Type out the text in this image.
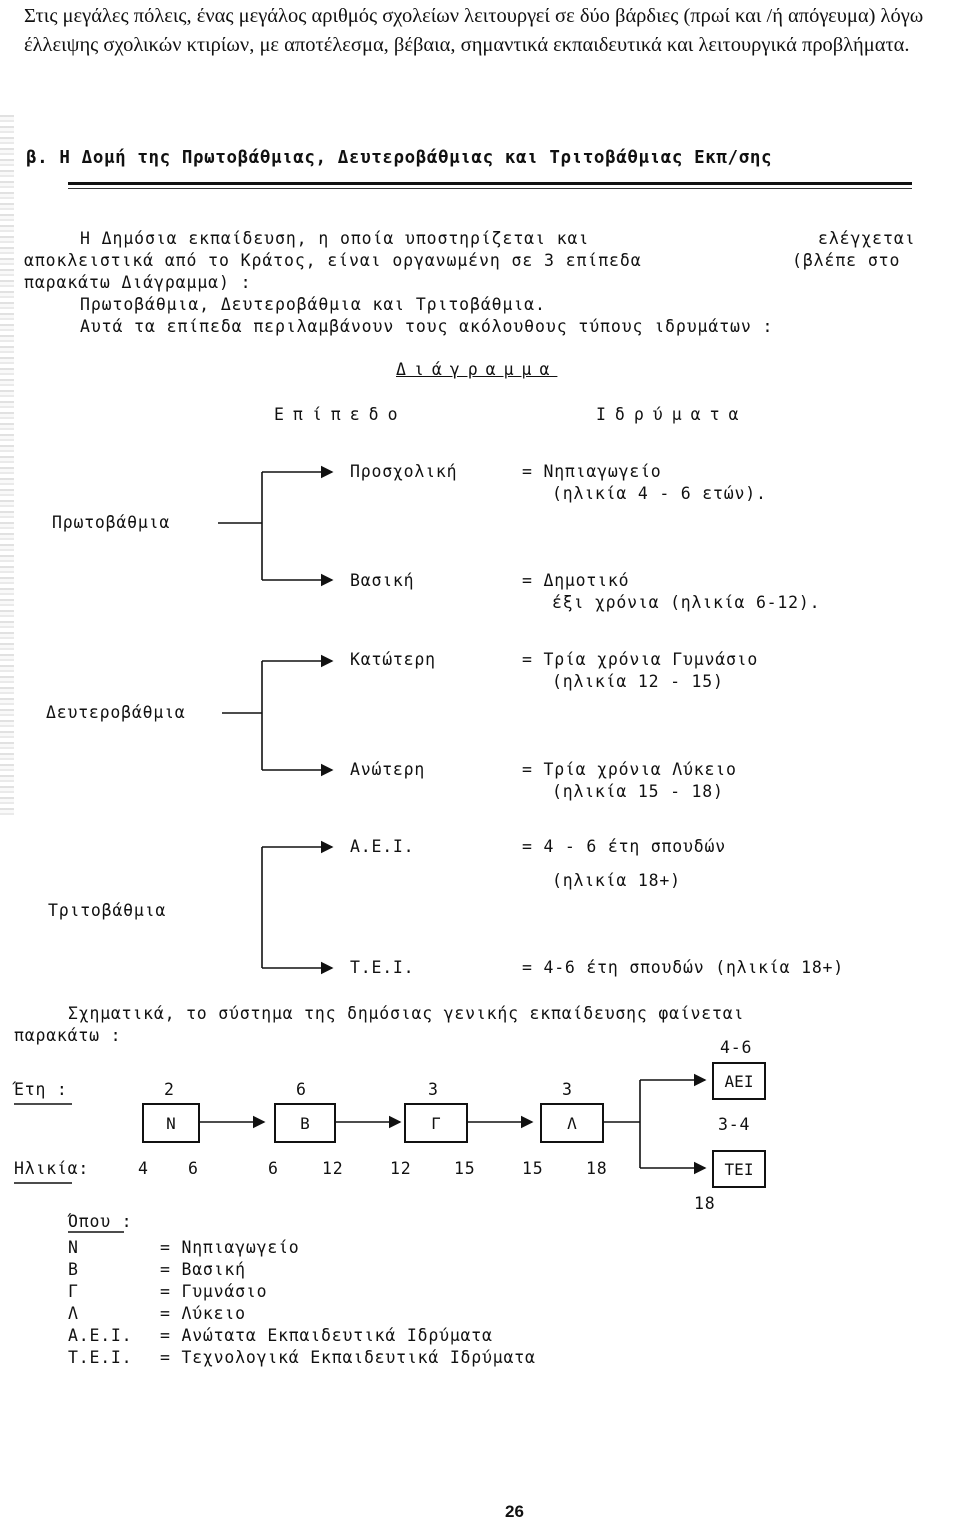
Στις μεγάλες πόλεις, ένας μεγάλος αριθμός σχολείων λειτουργεί σε δύο βάρδιες (πρωί και /ή απόγευμα) λόγω έλλειψης σχολικών κτιρίων, με αποτέλεσμα, βέβαια, σημαντικά εκπαιδευτικά και λειτουργικά προβλήματα.
β. Η Δομή της Πρωτοβάθμιας, Δευτεροβάθμιας και Τριτοβάθμιας Εκπ/σης
Η Δημόσια εκπαίδευση, η οποία υποστηρίζεται και	ελέγχεται
αποκλειστικά από το Κράτος, είναι οργανωμένη σε 3 επίπεδα	(βλέπε στο
παρακάτω Διάγραμμα) :
Πρωτοβάθμια, Δευτεροβάθμια και Τριτοβάθμια.
Αυτά τα επίπεδα περιλαμβάνουν τους ακόλουθους τύπους ιδρυμάτων :
Διάγραμμα
Επίπεδο	Ιδρύματα
Πρωτοβάθμια
Προσχολική	= Νηπιαγωγείο
(ηλικία 4 - 6 ετών).
Βασική	= Δημοτικό
έξι χρόνια (ηλικία 6-12).
Δευτεροβάθμια
Κατώτερη	= Τρία χρόνια Γυμνάσιο
(ηλικία 12 - 15)
Ανώτερη	= Τρία χρόνια Λύκειο
(ηλικία 15 - 18)
Τριτοβάθμια
Α.Ε.Ι.	= 4 - 6 έτη σπουδών
(ηλικία 18+)
Τ.Ε.Ι.	= 4-6 έτη σπουδών (ηλικία 18+)
Σχηματικά, το σύστημα της δημόσιας γενικής εκπαίδευσης φαίνεται
παρακάτω :
Έτη :
Ηλικία:
2	6	3	3
Ν	Β	Γ	Λ
4 6	6	12	12	15	15	18
4-6
ΑΕΙ
3-4
ΤΕΙ
18
Όπου :
Ν	= Νηπιαγωγείο
Β	= Βασική
Γ	= Γυμνάσιο
Λ	= Λύκειο
Α.Ε.Ι. = Ανώτατα Εκπαιδευτικά Ιδρύματα
Τ.Ε.Ι. = Τεχνολογικά Εκπαιδευτικά Ιδρύματα
26
